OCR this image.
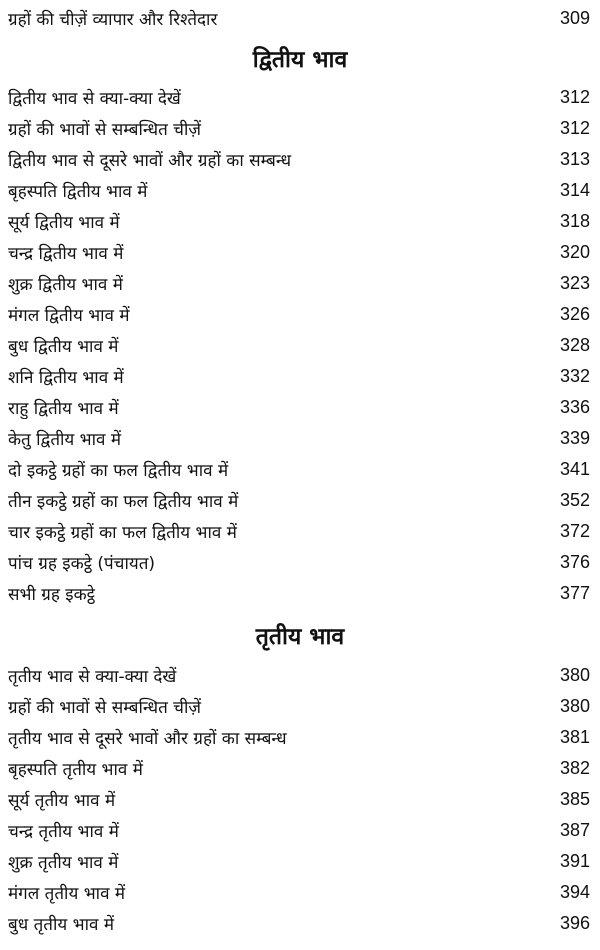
ग्रहों की चीज़ें व्यापार और रिश्तेदार	309
द्वितीय भाव
द्वितीय भाव से क्या-क्या देखें	312
ग्रहों की भावों से सम्बन्धित चीज़ें	312
द्वितीय भाव से दूसरे भावों और ग्रहों का सम्बन्ध	313
बृहस्पति द्वितीय भाव में	314
सूर्य द्वितीय भाव में	318
चन्द्र द्वितीय भाव में	320
शुक्र द्वितीय भाव में	323
मंगल द्वितीय भाव में	326
बुध द्वितीय भाव में	328
शनि द्वितीय भाव में	332
राहु द्वितीय भाव में	336
केतु द्वितीय भाव में	339
दो इकट्ठे ग्रहों का फल द्वितीय भाव में	341
तीन इकट्ठे ग्रहों का फल द्वितीय भाव में	352
चार इकट्ठे ग्रहों का फल द्वितीय भाव में	372
पांच ग्रह इकट्ठे (पंचायत)	376
सभी ग्रह इकट्ठे	377
तृतीय भाव
तृतीय भाव से क्या-क्या देखें	380
ग्रहों की भावों से सम्बन्धित चीज़ें	380
तृतीय भाव से दूसरे भावों और ग्रहों का सम्बन्ध	381
बृहस्पति तृतीय भाव में	382
सूर्य तृतीय भाव में	385
चन्द्र तृतीय भाव में	387
शुक्र तृतीय भाव में	391
मंगल तृतीय भाव में	394
बुध तृतीय भाव में	396
